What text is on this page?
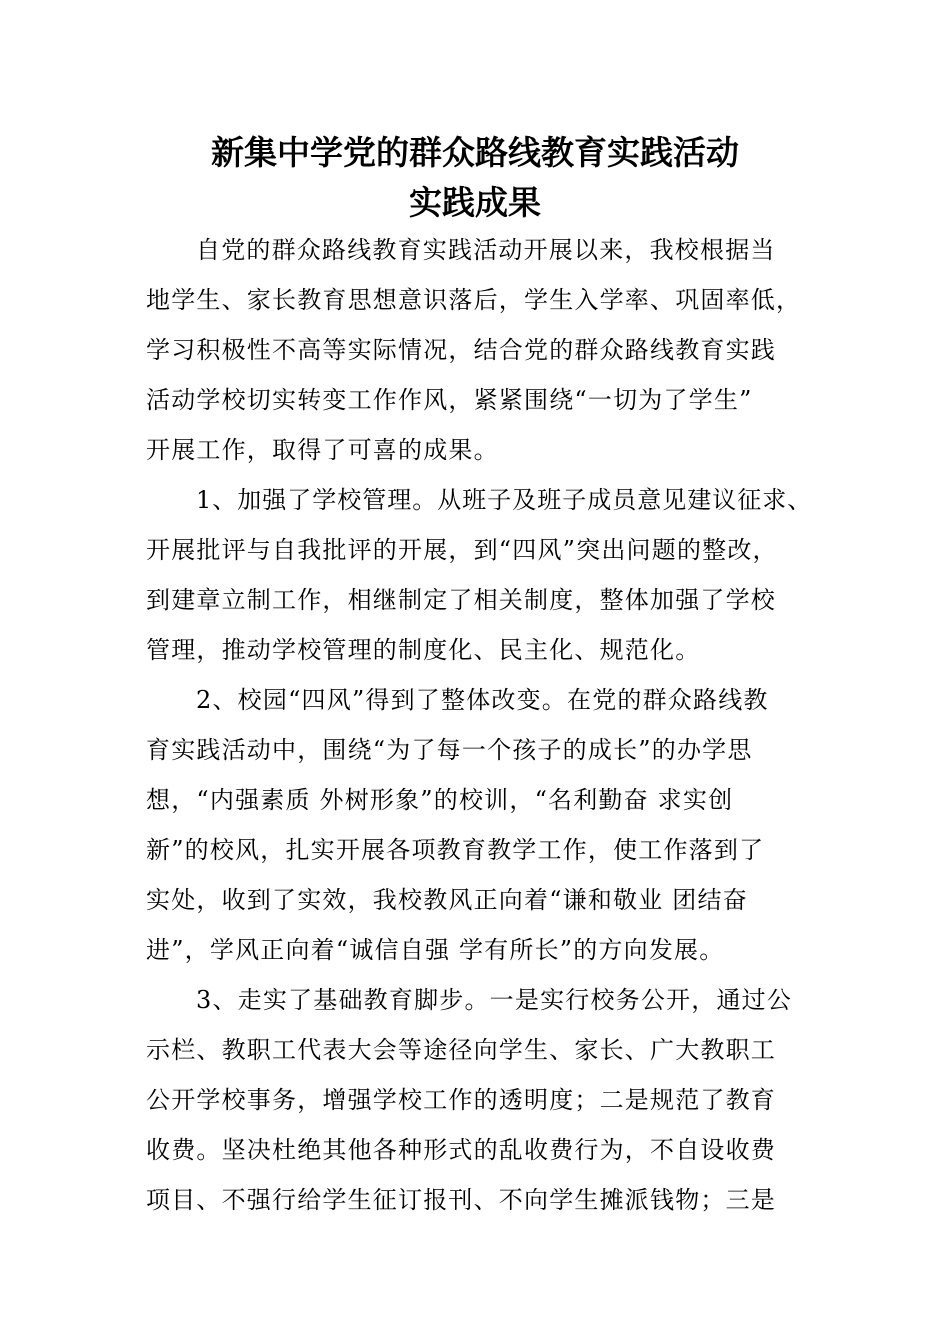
新集中学党的群众路线教育实践活动
实践成果
自党的群众路线教育实践活动开展以来，我校根据当
地学生、家长教育思想意识落后，学生入学率、巩固率低，
学习积极性不高等实际情况，结合党的群众路线教育实践
活动学校切实转变工作作风，紧紧围绕“一切为了学生”
开展工作，取得了可喜的成果。
1、加强了学校管理。从班子及班子成员意见建议征求、
开展批评与自我批评的开展，到“四风”突出问题的整改，
到建章立制工作，相继制定了相关制度，整体加强了学校
管理，推动学校管理的制度化、民主化、规范化。
2、校园“四风”得到了整体改变。在党的群众路线教
育实践活动中，围绕“为了每一个孩子的成长”的办学思
想，“内强素质 外树形象”的校训，“名利勤奋 求实创
新”的校风，扎实开展各项教育教学工作，使工作落到了
实处，收到了实效，我校教风正向着“谦和敬业 团结奋
进”，学风正向着“诚信自强 学有所长”的方向发展。
3、走实了基础教育脚步。一是实行校务公开，通过公
示栏、教职工代表大会等途径向学生、家长、广大教职工
公开学校事务，增强学校工作的透明度；二是规范了教育
收费。坚决杜绝其他各种形式的乱收费行为，不自设收费
项目、不强行给学生征订报刊、不向学生摊派钱物；三是
